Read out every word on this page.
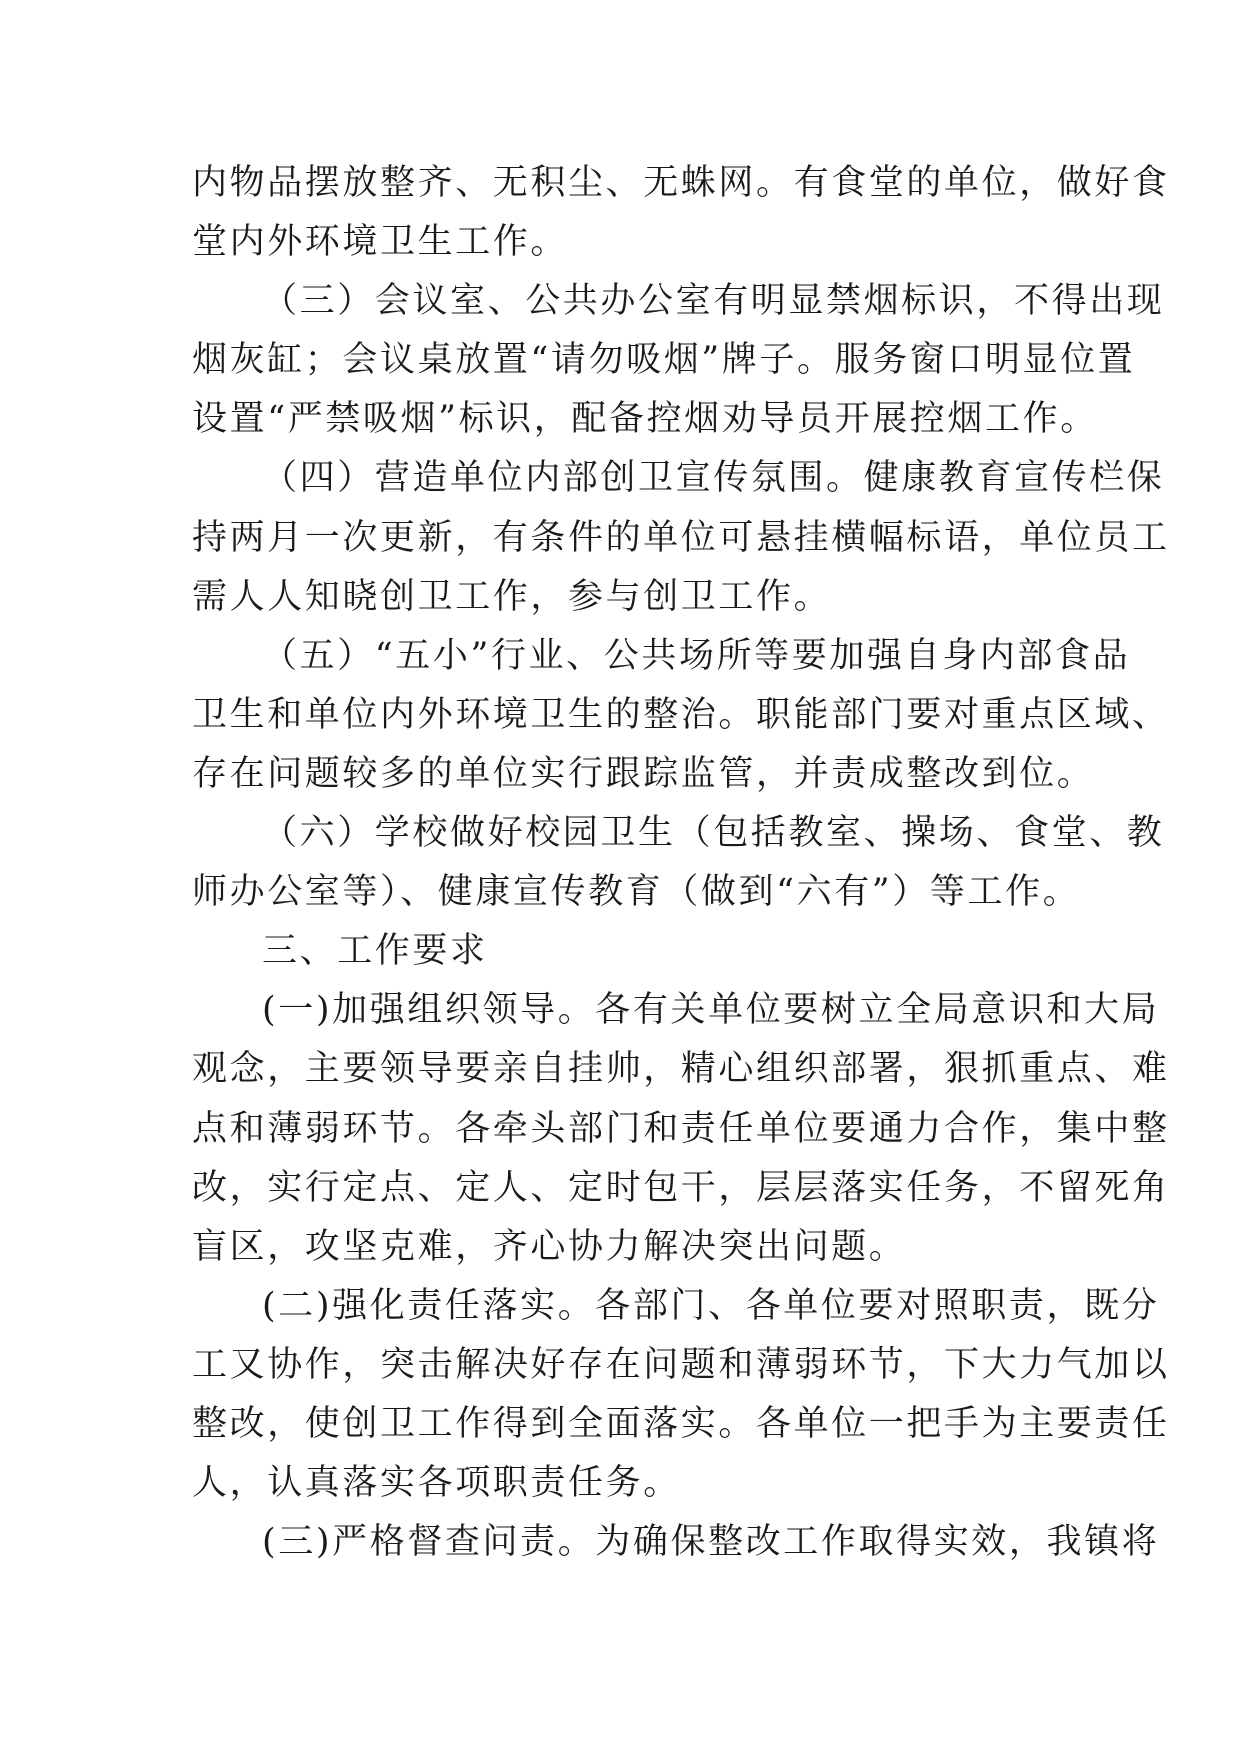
内物品摆放整齐、无积尘、无蛛网。有食堂的单位，做好食
堂内外环境卫生工作。
（三）会议室、公共办公室有明显禁烟标识，不得出现
烟灰缸；会议桌放置“请勿吸烟”牌子。服务窗口明显位置
设置“严禁吸烟”标识，配备控烟劝导员开展控烟工作。
（四）营造单位内部创卫宣传氛围。健康教育宣传栏保
持两月一次更新，有条件的单位可悬挂横幅标语，单位员工
需人人知晓创卫工作，参与创卫工作。
（五）“五小”行业、公共场所等要加强自身内部食品
卫生和单位内外环境卫生的整治。职能部门要对重点区域、
存在问题较多的单位实行跟踪监管，并责成整改到位。
（六）学校做好校园卫生（包括教室、操场、食堂、教
师办公室等）、健康宣传教育（做到“六有”）等工作。
三、工作要求
(一)加强组织领导。各有关单位要树立全局意识和大局
观念，主要领导要亲自挂帅，精心组织部署，狠抓重点、难
点和薄弱环节。各牵头部门和责任单位要通力合作，集中整
改，实行定点、定人、定时包干，层层落实任务，不留死角
盲区，攻坚克难，齐心协力解决突出问题。
(二)强化责任落实。各部门、各单位要对照职责，既分
工又协作，突击解决好存在问题和薄弱环节，下大力气加以
整改，使创卫工作得到全面落实。各单位一把手为主要责任
人，认真落实各项职责任务。
(三)严格督查问责。为确保整改工作取得实效，我镇将
